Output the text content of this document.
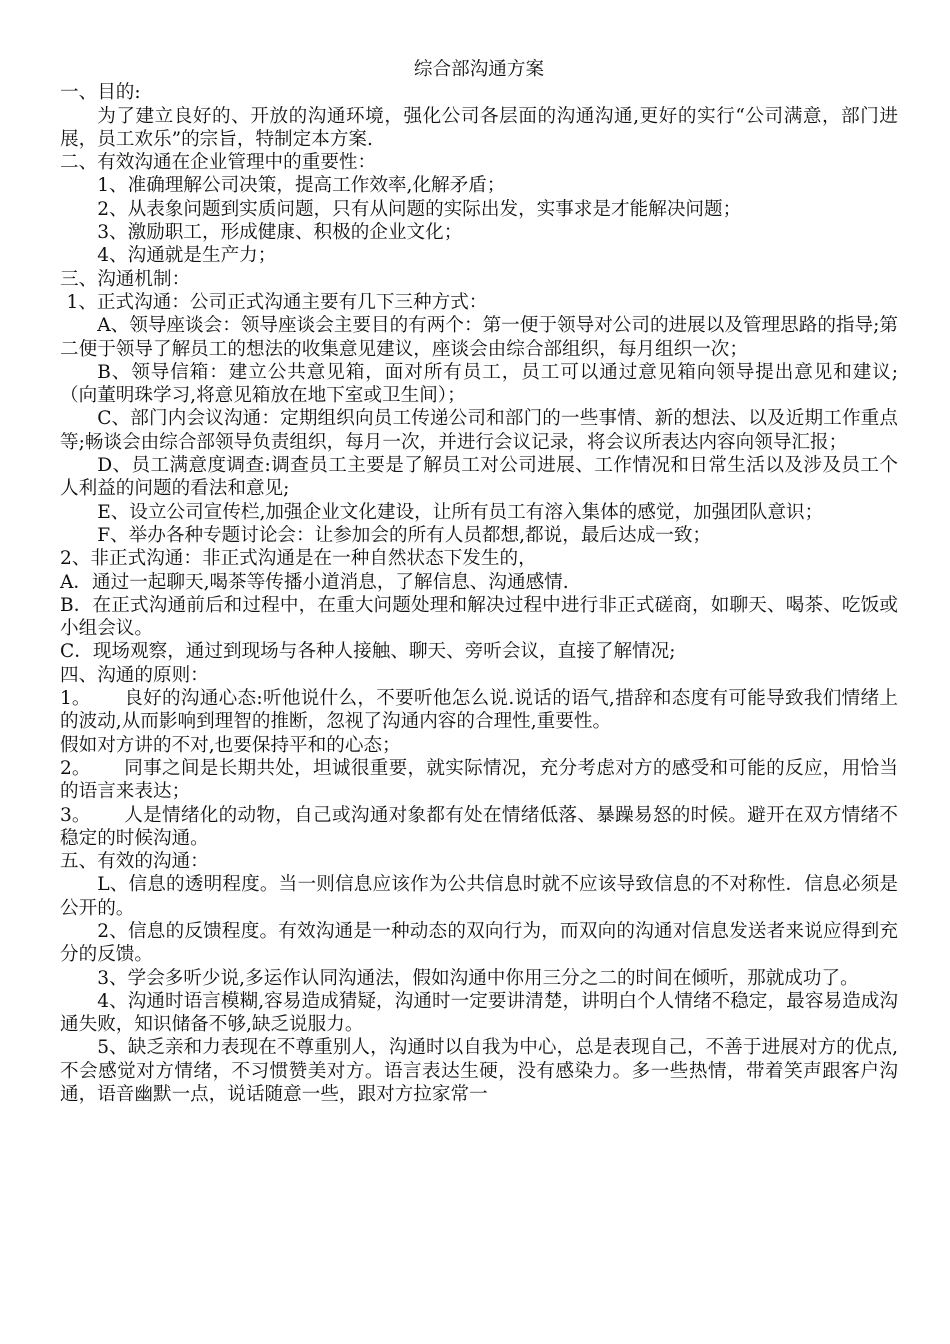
综合部沟通方案

一、目的:

为了建立良好的、开放的沟通环境，强化公司各层面的沟通沟通,更好的实行“公司满意，部门进展，员工欢乐”的宗旨，特制定本方案.

二、有效沟通在企业管理中的重要性：

1、准确理解公司决策，提高工作效率,化解矛盾；

2、从表象问题到实质问题，只有从问题的实际出发，实事求是才能解决问题；

3、激励职工，形成健康、积极的企业文化；

4、沟通就是生产力；

三、沟通机制：

1、正式沟通：公司正式沟通主要有几下三种方式：

A、领导座谈会：领导座谈会主要目的有两个：第一便于领导对公司的进展以及管理思路的指导;第二便于领导了解员工的想法的收集意见建议，座谈会由综合部组织，每月组织一次；

B、领导信箱：建立公共意见箱，面对所有员工，员工可以通过意见箱向领导提出意见和建议;（向董明珠学习,将意见箱放在地下室或卫生间）；

C、部门内会议沟通：定期组织向员工传递公司和部门的一些事情、新的想法、以及近期工作重点等;畅谈会由综合部领导负责组织，每月一次，并进行会议记录，将会议所表达内容向领导汇报；

D、员工满意度调查:调查员工主要是了解员工对公司进展、工作情况和日常生活以及涉及员工个人利益的问题的看法和意见;

E、设立公司宣传栏,加强企业文化建设，让所有员工有溶入集体的感觉，加强团队意识；

F、举办各种专题讨论会：让参加会的所有人员都想,都说，最后达成一致；

2、非正式沟通：非正式沟通是在一种自然状态下发生的，

A．通过一起聊天,喝茶等传播小道消息，了解信息、沟通感情.

B．在正式沟通前后和过程中，在重大问题处理和解决过程中进行非正式磋商，如聊天、喝茶、吃饭或小组会议。

C．现场观察，通过到现场与各种人接触、聊天、旁听会议，直接了解情况;

四、沟通的原则：

1。 良好的沟通心态:听他说什么，不要听他怎么说.说话的语气,措辞和态度有可能导致我们情绪上的波动,从而影响到理智的推断，忽视了沟通内容的合理性,重要性。

假如对方讲的不对,也要保持平和的心态；

2。 同事之间是长期共处，坦诚很重要，就实际情况，充分考虑对方的感受和可能的反应，用恰当的语言来表达；

3。 人是情绪化的动物，自己或沟通对象都有处在情绪低落、暴躁易怒的时候。避开在双方情绪不稳定的时候沟通。

五、有效的沟通：

L、信息的透明程度。当一则信息应该作为公共信息时就不应该导致信息的不对称性．信息必须是公开的。

2、信息的反馈程度。有效沟通是一种动态的双向行为，而双向的沟通对信息发送者来说应得到充分的反馈。

3、学会多听少说,多运作认同沟通法，假如沟通中你用三分之二的时间在倾听，那就成功了。

4、沟通时语言模糊,容易造成猜疑，沟通时一定要讲清楚，讲明白个人情绪不稳定，最容易造成沟通失败，知识储备不够,缺乏说服力。

5、缺乏亲和力表现在不尊重别人，沟通时以自我为中心，总是表现自己，不善于进展对方的优点,不会感觉对方情绪，不习惯赞美对方。语言表达生硬，没有感染力。多一些热情，带着笑声跟客户沟通，语音幽默一点，说话随意一些，跟对方拉家常一
